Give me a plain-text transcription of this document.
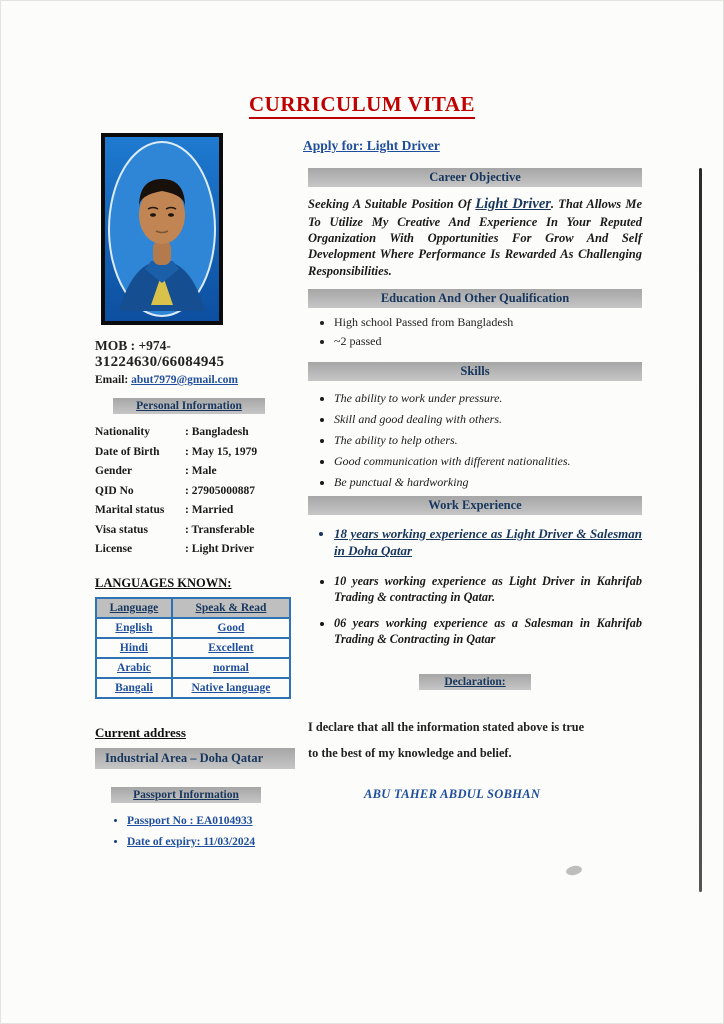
CURRICULUM VITAE
Apply for: Light Driver
MOB : +974-
31224630/66084945
Email: abut7979@gmail.com
Personal Information
Nationality	: Bangladesh
Date of Birth	: May 15, 1979
Gender	: Male
QID No	: 27905000887
Marital status	: Married
Visa status	: Transferable
License	: Light Driver
LANGUAGES KNOWN:
Language	Speak & Read
English	Good
Hindi	Excellent
Arabic	normal
Bangali	Native language
Current address
Industrial Area – Doha Qatar
Passport Information
• Passport No : EA0104933
• Date of expiry: 11/03/2024
Career Objective

Seeking A Suitable Position Of Light Driver. That Allows Me To Utilize My Creative And Experience In Your Reputed Organization With Opportunities For Grow And Self Development Where Performance Is Rewarded As Challenging Responsibilities.

Education And Other Qualification
• High school Passed from Bangladesh
• ~2 passed
Skills
• The ability to work under pressure.
• Skill and good dealing with others.
• The ability to help others.
• Good communication with different nationalities.
• Be punctual & hardworking
Work Experience
• 18 years working experience as Light Driver & Salesman in Doha Qatar
• 10 years working experience as Light Driver in Kahrifab Trading & contracting in Qatar.
• 06 years working experience as a Salesman in Kahrifab Trading & Contracting in Qatar
Declaration:
I declare that all the information stated above is true
to the best of my knowledge and belief.
ABU TAHER ABDUL SOBHAN
